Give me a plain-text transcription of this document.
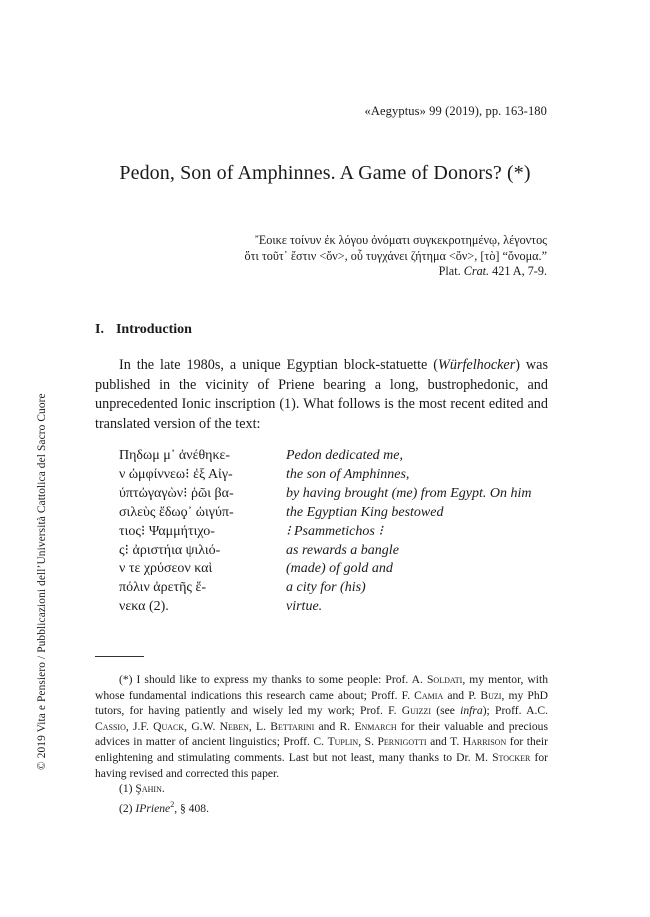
«Aegyptus» 99 (2019), pp. 163-180
Pedon, Son of Amphinnes. A Game of Donors? (*)
Ἔοικε τοίνυν ἐκ λόγου ὀνόματι συγκεκροτημένῳ, λέγοντος
ὅτι τοῦτ᾽ ἔστιν <ὄν>, οὗ τυγχάνει ζήτημα <ὄν>, [τὸ] “ὄνομα.”
Plat. Crat. 421 A, 7-9.
I. Introduction
In the late 1980s, a unique Egyptian block-statuette (Würfelhocker) was published in the vicinity of Priene bearing a long, bustrophedonic, and unprecedented Ionic inscription (1). What follows is the most recent edited and translated version of the text:
Πηδωμ μ᾽ ἀνέθηκε-
ν ὠμφίννεω⁝ ἐξ Αἰγ-
ύπτὠγαγὼν⁝ ῥῶι βα-
σιλεὺς ἔδωϙ᾽ ὠιγύπ-
τιος⁝ Ψαμμήτιχο-
ς⁝ ἀριστήια ψιλιό-
ν τε χρύσεον καὶ
πόλιν ἀρετῆς ἕ-
νεκα (2).
Pedon dedicated me,
the son of Amphinnes,
by having brought (me) from Egypt. On him
the Egyptian King bestowed
⁝ Psammetichos ⁝
as rewards a bangle
(made) of gold and
a city for (his)
virtue.
(*) I should like to express my thanks to some people: Prof. A. Soldati, my mentor, with whose fundamental indications this research came about; Proff. F. Camia and P. Buzi, my PhD tutors, for having patiently and wisely led my work; Prof. F. Guizzi (see infra); Proff. A.C. Cassio, J.F. Quack, G.W. Neben, L. Bettarini and R. Enmarch for their valuable and precious advices in matter of ancient linguistics; Proff. C. Tuplin, S. Pernigotti and T. Harrison for their enlightening and stimulating comments. Last but not least, many thanks to Dr. M. Stocker for having revised and corrected this paper.
(1) Şahin.
(2) IPriene$^2$, § 408.
© 2019 Vita e Pensiero / Pubblicazioni dell’Università Cattolica del Sacro Cuore
